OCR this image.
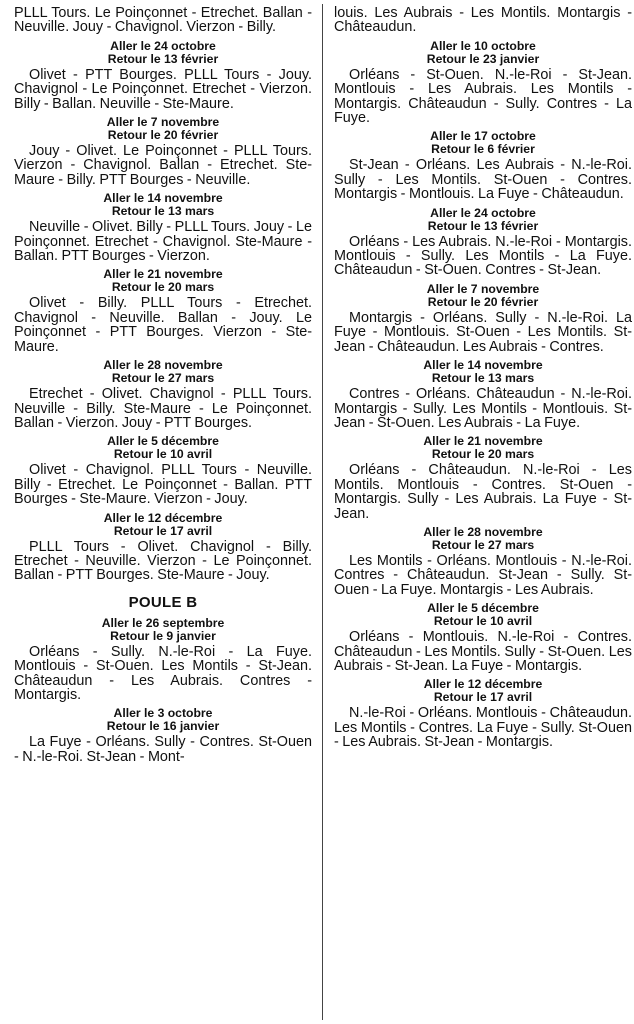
PLLL Tours. Le Poinçonnet - Etrechet. Ballan - Neuville. Jouy - Chavignol. Vierzon - Billy.

Aller le 24 octobre
Retour le 13 février

Olivet - PTT Bourges. PLLL Tours - Jouy. Chavignol - Le Poinçonnet. Etrechet - Vierzon. Billy - Ballan. Neuville - Ste-Maure.

Aller le 7 novembre
Retour le 20 février

Jouy - Olivet. Le Poinçonnet - PLLL Tours. Vierzon - Chavignol. Ballan - Etrechet. Ste-Maure - Billy. PTT Bourges - Neuville.

Aller le 14 novembre
Retour le 13 mars

Neuville - Olivet. Billy - PLLL Tours. Jouy - Le Poinçonnet. Etrechet - Chavignol. Ste-Maure - Ballan. PTT Bourges - Vierzon.

Aller le 21 novembre
Retour le 20 mars

Olivet - Billy. PLLL Tours - Etrechet. Chavignol - Neuville. Ballan - Jouy. Le Poinçonnet - PTT Bourges. Vierzon - Ste-Maure.

Aller le 28 novembre
Retour le 27 mars

Etrechet - Olivet. Chavignol - PLLL Tours. Neuville - Billy. Ste-Maure - Le Poinçonnet. Ballan - Vierzon. Jouy - PTT Bourges.

Aller le 5 décembre
Retour le 10 avril

Olivet - Chavignol. PLLL Tours - Neuville. Billy - Etrechet. Le Poinçonnet - Ballan. PTT Bourges - Ste-Maure. Vierzon - Jouy.

Aller le 12 décembre
Retour le 17 avril

PLLL Tours - Olivet. Chavignol - Billy. Etrechet - Neuville. Vierzon - Le Poinçonnet. Ballan - PTT Bourges. Ste-Maure - Jouy.

POULE B
Aller le 26 septembre
Retour le 9 janvier

Orléans - Sully. N.-le-Roi - La Fuye. Montlouis - St-Ouen. Les Montils - St-Jean. Châteaudun - Les Aubrais. Contres - Montargis.

Aller le 3 octobre
Retour le 16 janvier

La Fuye - Orléans. Sully - Contres. St-Ouen - N.-le-Roi. St-Jean - Mont-

louis. Les Aubrais - Les Montils. Montargis - Châteaudun.

Aller le 10 octobre
Retour le 23 janvier

Orléans - St-Ouen. N.-le-Roi - St-Jean. Montlouis - Les Aubrais. Les Montils - Montargis. Châteaudun - Sully. Contres - La Fuye.

Aller le 17 octobre
Retour le 6 février

St-Jean - Orléans. Les Aubrais - N.-le-Roi. Sully - Les Montils. St-Ouen - Contres. Montargis - Montlouis. La Fuye - Châteaudun.

Aller le 24 octobre
Retour le 13 février

Orléans - Les Aubrais. N.-le-Roi - Montargis. Montlouis - Sully. Les Montils - La Fuye. Châteaudun - St-Ouen. Contres - St-Jean.

Aller le 7 novembre
Retour le 20 février

Montargis - Orléans. Sully - N.-le-Roi. La Fuye - Montlouis. St-Ouen - Les Montils. St-Jean - Châteaudun. Les Aubrais - Contres.

Aller le 14 novembre
Retour le 13 mars

Contres - Orléans. Châteaudun - N.-le-Roi. Montargis - Sully. Les Montils - Montlouis. St-Jean - St-Ouen. Les Aubrais - La Fuye.

Aller le 21 novembre
Retour le 20 mars

Orléans - Châteaudun. N.-le-Roi - Les Montils. Montlouis - Contres. St-Ouen - Montargis. Sully - Les Aubrais. La Fuye - St-Jean.

Aller le 28 novembre
Retour le 27 mars

Les Montils - Orléans. Montlouis - N.-le-Roi. Contres - Châteaudun. St-Jean - Sully. St-Ouen - La Fuye. Montargis - Les Aubrais.

Aller le 5 décembre
Retour le 10 avril

Orléans - Montlouis. N.-le-Roi - Contres. Châteaudun - Les Montils. Sully - St-Ouen. Les Aubrais - St-Jean. La Fuye - Montargis.

Aller le 12 décembre
Retour le 17 avril

N.-le-Roi - Orléans. Montlouis - Châteaudun. Les Montils - Contres. La Fuye - Sully. St-Ouen - Les Aubrais. St-Jean - Montargis.
